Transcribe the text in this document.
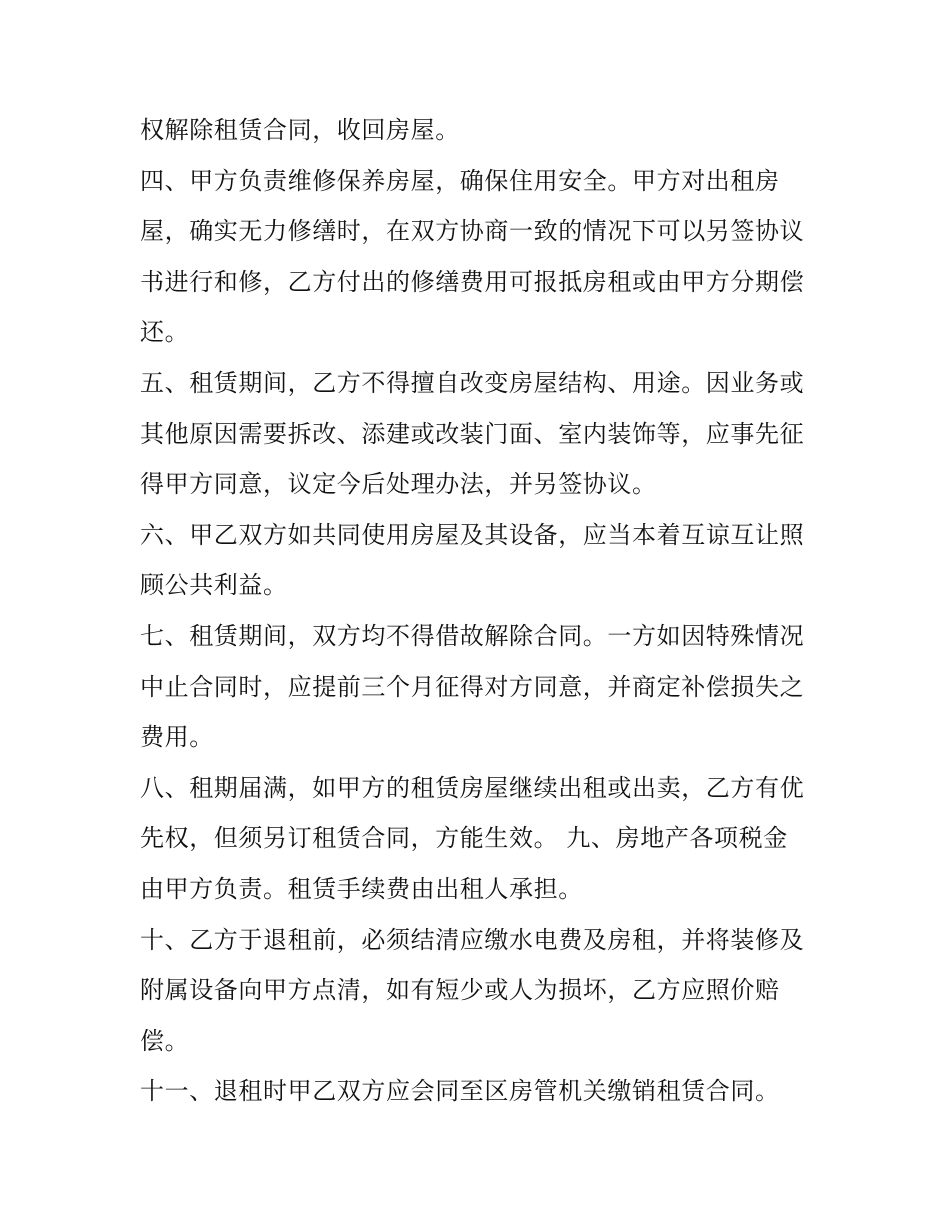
权解除租赁合同，收回房屋。

四、甲方负责维修保养房屋，确保住用安全。甲方对出租房
屋，确实无力修缮时，在双方协商一致的情况下可以另签协议
书进行和修，乙方付出的修缮费用可报抵房租或由甲方分期偿
还。

五、租赁期间，乙方不得擅自改变房屋结构、用途。因业务或
其他原因需要拆改、添建或改装门面、室内装饰等，应事先征
得甲方同意，议定今后处理办法，并另签协议。

六、甲乙双方如共同使用房屋及其设备，应当本着互谅互让照
顾公共利益。

七、租赁期间，双方均不得借故解除合同。一方如因特殊情况
中止合同时，应提前三个月征得对方同意，并商定补偿损失之
费用。

八、租期届满，如甲方的租赁房屋继续出租或出卖，乙方有优
先权，但须另订租赁合同，方能生效。 九、房地产各项税金
由甲方负责。租赁手续费由出租人承担。

十、乙方于退租前，必须结清应缴水电费及房租，并将装修及
附属设备向甲方点清，如有短少或人为损坏，乙方应照价赔
偿。

十一、退租时甲乙双方应会同至区房管机关缴销租赁合同。
